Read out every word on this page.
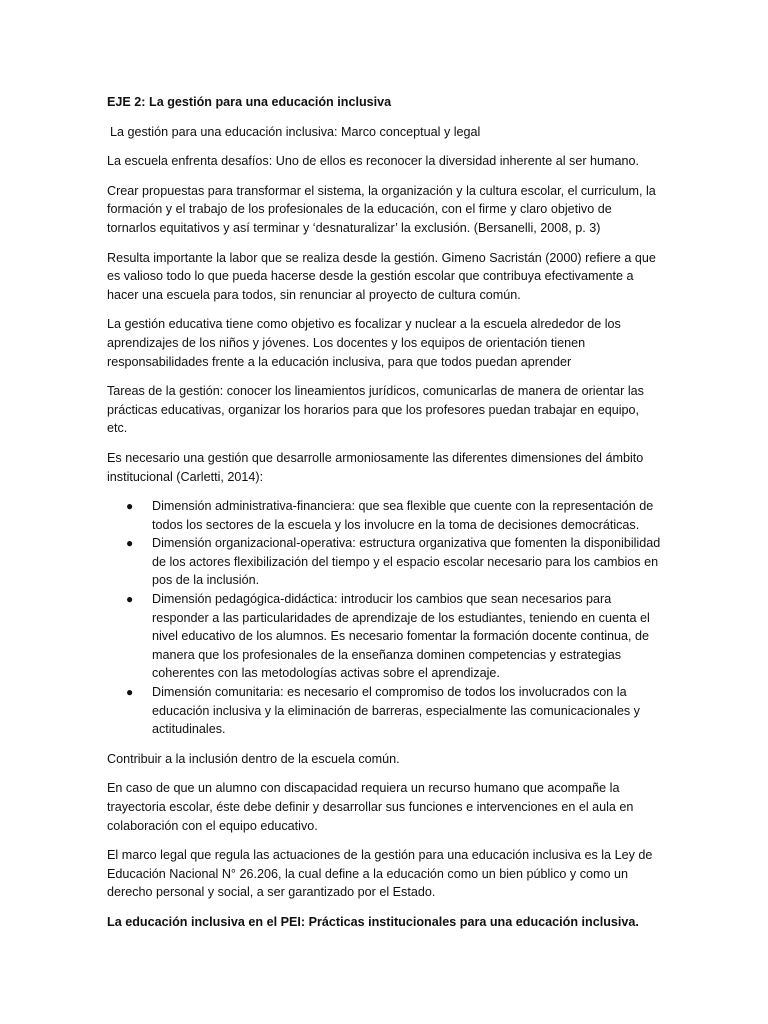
EJE 2: La gestión para una educación inclusiva

La gestión para una educación inclusiva: Marco conceptual y legal

La escuela enfrenta desafíos: Uno de ellos es reconocer la diversidad inherente al ser humano.

Crear propuestas para transformar el sistema, la organización y la cultura escolar, el curriculum, la formación y el trabajo de los profesionales de la educación, con el firme y claro objetivo de tornarlos equitativos y así terminar y ‘desnaturalizar’ la exclusión. (Bersanelli, 2008, p. 3)

Resulta importante la labor que se realiza desde la gestión. Gimeno Sacristán (2000) refiere a que es valioso todo lo que pueda hacerse desde la gestión escolar que contribuya efectivamente a hacer una escuela para todos, sin renunciar al proyecto de cultura común.

La gestión educativa tiene como objetivo es focalizar y nuclear a la escuela alrededor de los aprendizajes de los niños y jóvenes. Los docentes y los equipos de orientación tienen responsabilidades frente a la educación inclusiva, para que todos puedan aprender

Tareas de la gestión: conocer los lineamientos jurídicos, comunicarlas de manera de orientar las prácticas educativas, organizar los horarios para que los profesores puedan trabajar en equipo, etc.

Es necesario una gestión que desarrolle armoniosamente las diferentes dimensiones del ámbito institucional (Carletti, 2014):

● Dimensión administrativa-financiera: que sea flexible que cuente con la representación de todos los sectores de la escuela y los involucre en la toma de decisiones democráticas.
● Dimensión organizacional-operativa: estructura organizativa que fomenten la disponibilidad de los actores flexibilización del tiempo y el espacio escolar necesario para los cambios en pos de la inclusión.
● Dimensión pedagógica-didáctica: introducir los cambios que sean necesarios para responder a las particularidades de aprendizaje de los estudiantes, teniendo en cuenta el nivel educativo de los alumnos. Es necesario fomentar la formación docente continua, de manera que los profesionales de la enseñanza dominen competencias y estrategias coherentes con las metodologías activas sobre el aprendizaje.
● Dimensión comunitaria: es necesario el compromiso de todos los involucrados con la educación inclusiva y la eliminación de barreras, especialmente las comunicacionales y actitudinales.

Contribuir a la inclusión dentro de la escuela común.

En caso de que un alumno con discapacidad requiera un recurso humano que acompañe la trayectoria escolar, éste debe definir y desarrollar sus funciones e intervenciones en el aula en colaboración con el equipo educativo.

El marco legal que regula las actuaciones de la gestión para una educación inclusiva es la Ley de Educación Nacional N° 26.206, la cual define a la educación como un bien público y como un derecho personal y social, a ser garantizado por el Estado.

La educación inclusiva en el PEI: Prácticas institucionales para una educación inclusiva.
